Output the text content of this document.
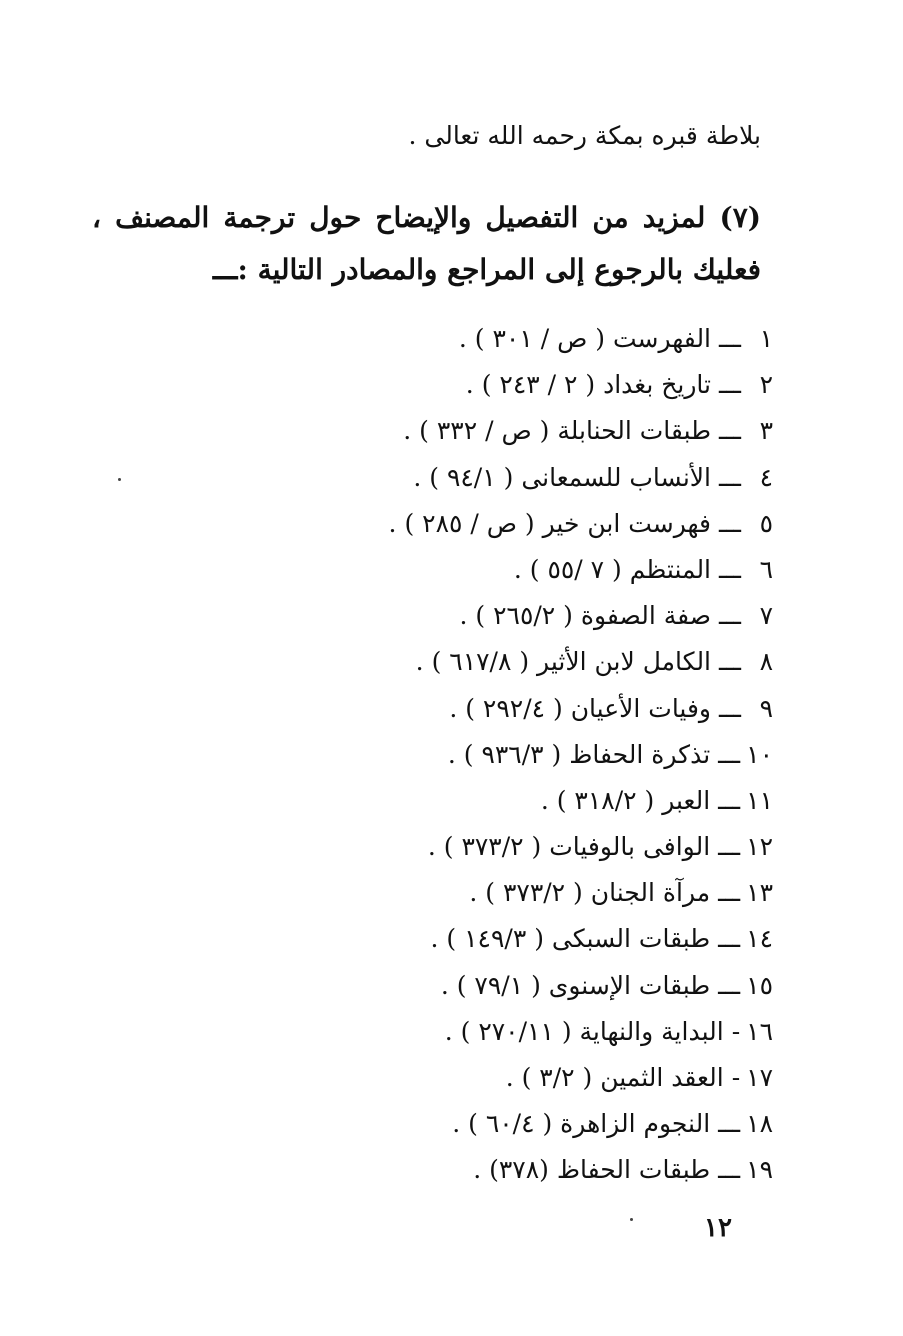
بلاطة قبره بمكة رحمه الله تعالى .
(٧) لمزيد من التفصيل والإيضاح حول ترجمة المصنف ، فعليك بالرجوع إلى المراجع والمصادر التالية :ـــ
١ـــالفهرست ( ص / ٣٠١ ) .
٢ـــتاريخ بغداد ( ٢ / ٢٤٣ ) .
٣ـــطبقات الحنابلة ( ص / ٣٣٢ ) .
٤ـــالأنساب للسمعانى ( ٩٤/١ ) .
٥ـــفهرست ابن خير ( ص / ٢٨٥ ) .
٦ـــالمنتظم ( ٧ /٥٥ ) .
٧ـــصفة الصفوة ( ٢٦٥/٢ ) .
٨ـــالكامل لابن الأثير ( ٦١٧/٨ ) .
٩ـــوفيات الأعيان ( ٢٩٢/٤ ) .
١٠ـــتذكرة الحفاظ ( ٩٣٦/٣ ) .
١١ـــالعبر ( ٣١٨/٢ ) .
١٢ـــالوافى بالوفيات ( ٣٧٣/٢ ) .
١٣ـــمرآة الجنان ( ٣٧٣/٢ ) .
١٤ـــطبقات السبكى ( ١٤٩/٣ ) .
١٥ـــطبقات الإسنوى ( ٧٩/١ ) .
١٦-البداية والنهاية ( ٢٧٠/١١ ) .
١٧-العقد الثمين ( ٣/٢ ) .
١٨ـــالنجوم الزاهرة ( ٦٠/٤ ) .
١٩ـــطبقات الحفاظ (٣٧٨) .
١٢
